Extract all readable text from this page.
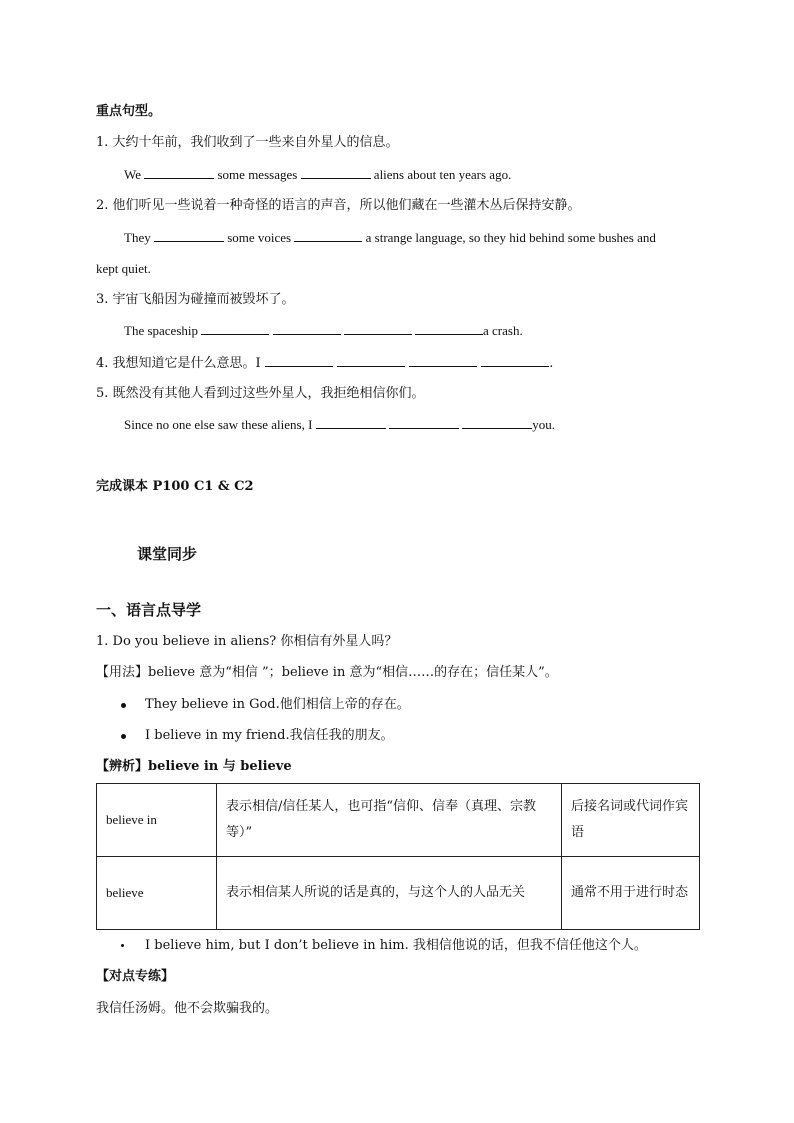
重点句型。
1. 大约十年前，我们收到了一些来自外星人的信息。
We	some messages	aliens about ten years ago.
2. 他们听见一些说着一种奇怪的语言的声音，所以他们藏在一些灌木丛后保持安静。
They	some voices	a strange language, so they hid behind some bushes and
kept quiet.
3. 宇宙飞船因为碰撞而被毁坏了。
The spaceship	a crash.
4. 我想知道它是什么意思。I	.
5. 既然没有其他人看到过这些外星人，我拒绝相信你们。
Since no one else saw these aliens, I	you.
完成课本 P100 C1 & C2
课堂同步
一、语言点导学
1. Do you believe in aliens? 你相信有外星人吗？
【用法】believe 意为“相信 ”；believe in 意为“相信……的存在；信任某人”。
They believe in God.他们相信上帝的存在。
I believe in my friend.我信任我的朋友。
【辨析】believe in 与 believe
believe in	表示相信/信任某人，也可指“信仰、信奉（真理、宗教等）”	后接名词或代词作宾语
believe	表示相信某人所说的话是真的，与这个人的人品无关	通常不用于进行时态
I believe him, but I don’t believe in him. 我相信他说的话，但我不信任他这个人。
【对点专练】
我信任汤姆。他不会欺骗我的。
